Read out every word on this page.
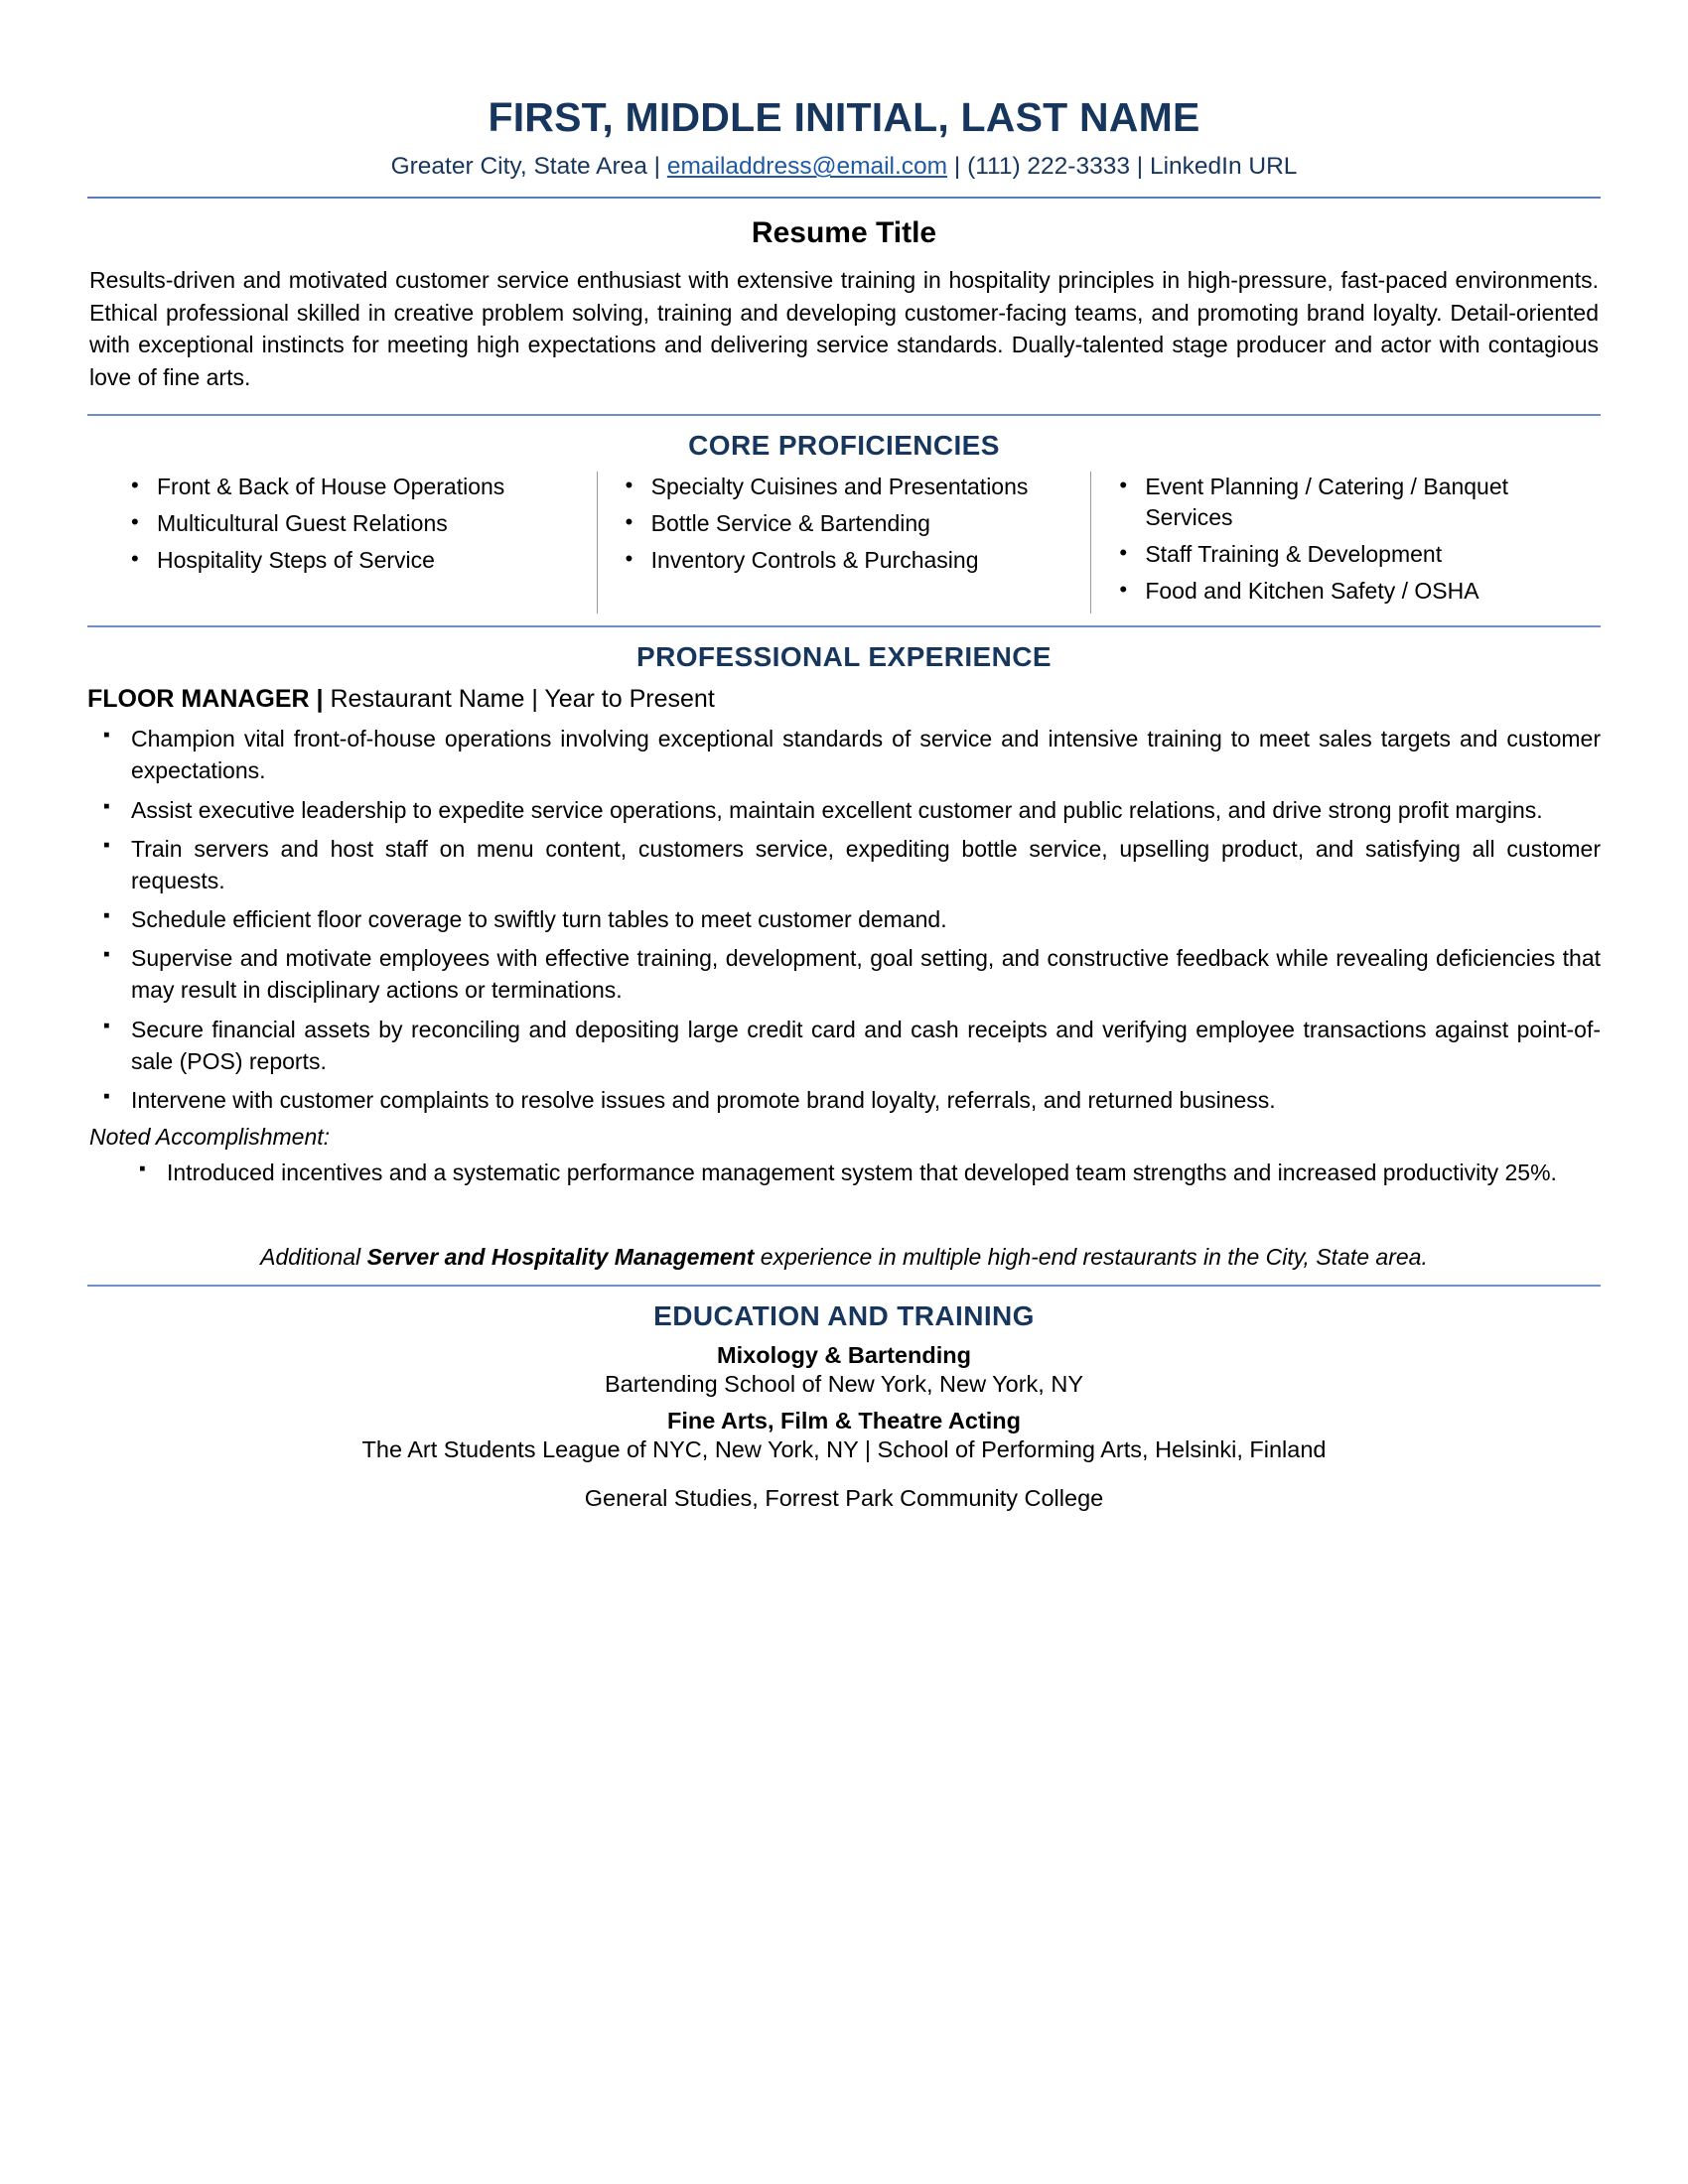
FIRST, MIDDLE INITIAL, LAST NAME
Greater City, State Area | emailaddress@email.com | (111) 222-3333 | LinkedIn URL
Resume Title

Results-driven and motivated customer service enthusiast with extensive training in hospitality principles in high-pressure, fast-paced environments. Ethical professional skilled in creative problem solving, training and developing customer-facing teams, and promoting brand loyalty. Detail-oriented with exceptional instincts for meeting high expectations and delivering service standards. Dually-talented stage producer and actor with contagious love of fine arts.

CORE PROFICIENCIES
• Front & Back of House Operations
• Multicultural Guest Relations
• Hospitality Steps of Service
• Specialty Cuisines and Presentations
• Bottle Service & Bartending
• Inventory Controls & Purchasing
• Event Planning / Catering / Banquet Services
• Staff Training & Development
• Food and Kitchen Safety / OSHA
PROFESSIONAL EXPERIENCE
FLOOR MANAGER | Restaurant Name | Year to Present
▪ Champion vital front-of-house operations involving exceptional standards of service and intensive training to meet sales targets and customer expectations.
▪ Assist executive leadership to expedite service operations, maintain excellent customer and public relations, and drive strong profit margins.
▪ Train servers and host staff on menu content, customers service, expediting bottle service, upselling product, and satisfying all customer requests.
▪ Schedule efficient floor coverage to swiftly turn tables to meet customer demand.
▪ Supervise and motivate employees with effective training, development, goal setting, and constructive feedback while revealing deficiencies that may result in disciplinary actions or terminations.
▪ Secure financial assets by reconciling and depositing large credit card and cash receipts and verifying employee transactions against point-of-sale (POS) reports.
▪ Intervene with customer complaints to resolve issues and promote brand loyalty, referrals, and returned business.
Noted Accomplishment:
▪ Introduced incentives and a systematic performance management system that developed team strengths and increased productivity 25%.

Additional Server and Hospitality Management experience in multiple high-end restaurants in the City, State area.

EDUCATION AND TRAINING
Mixology & Bartending
Bartending School of New York, New York, NY
Fine Arts, Film & Theatre Acting
The Art Students League of NYC, New York, NY | School of Performing Arts, Helsinki, Finland
General Studies, Forrest Park Community College
